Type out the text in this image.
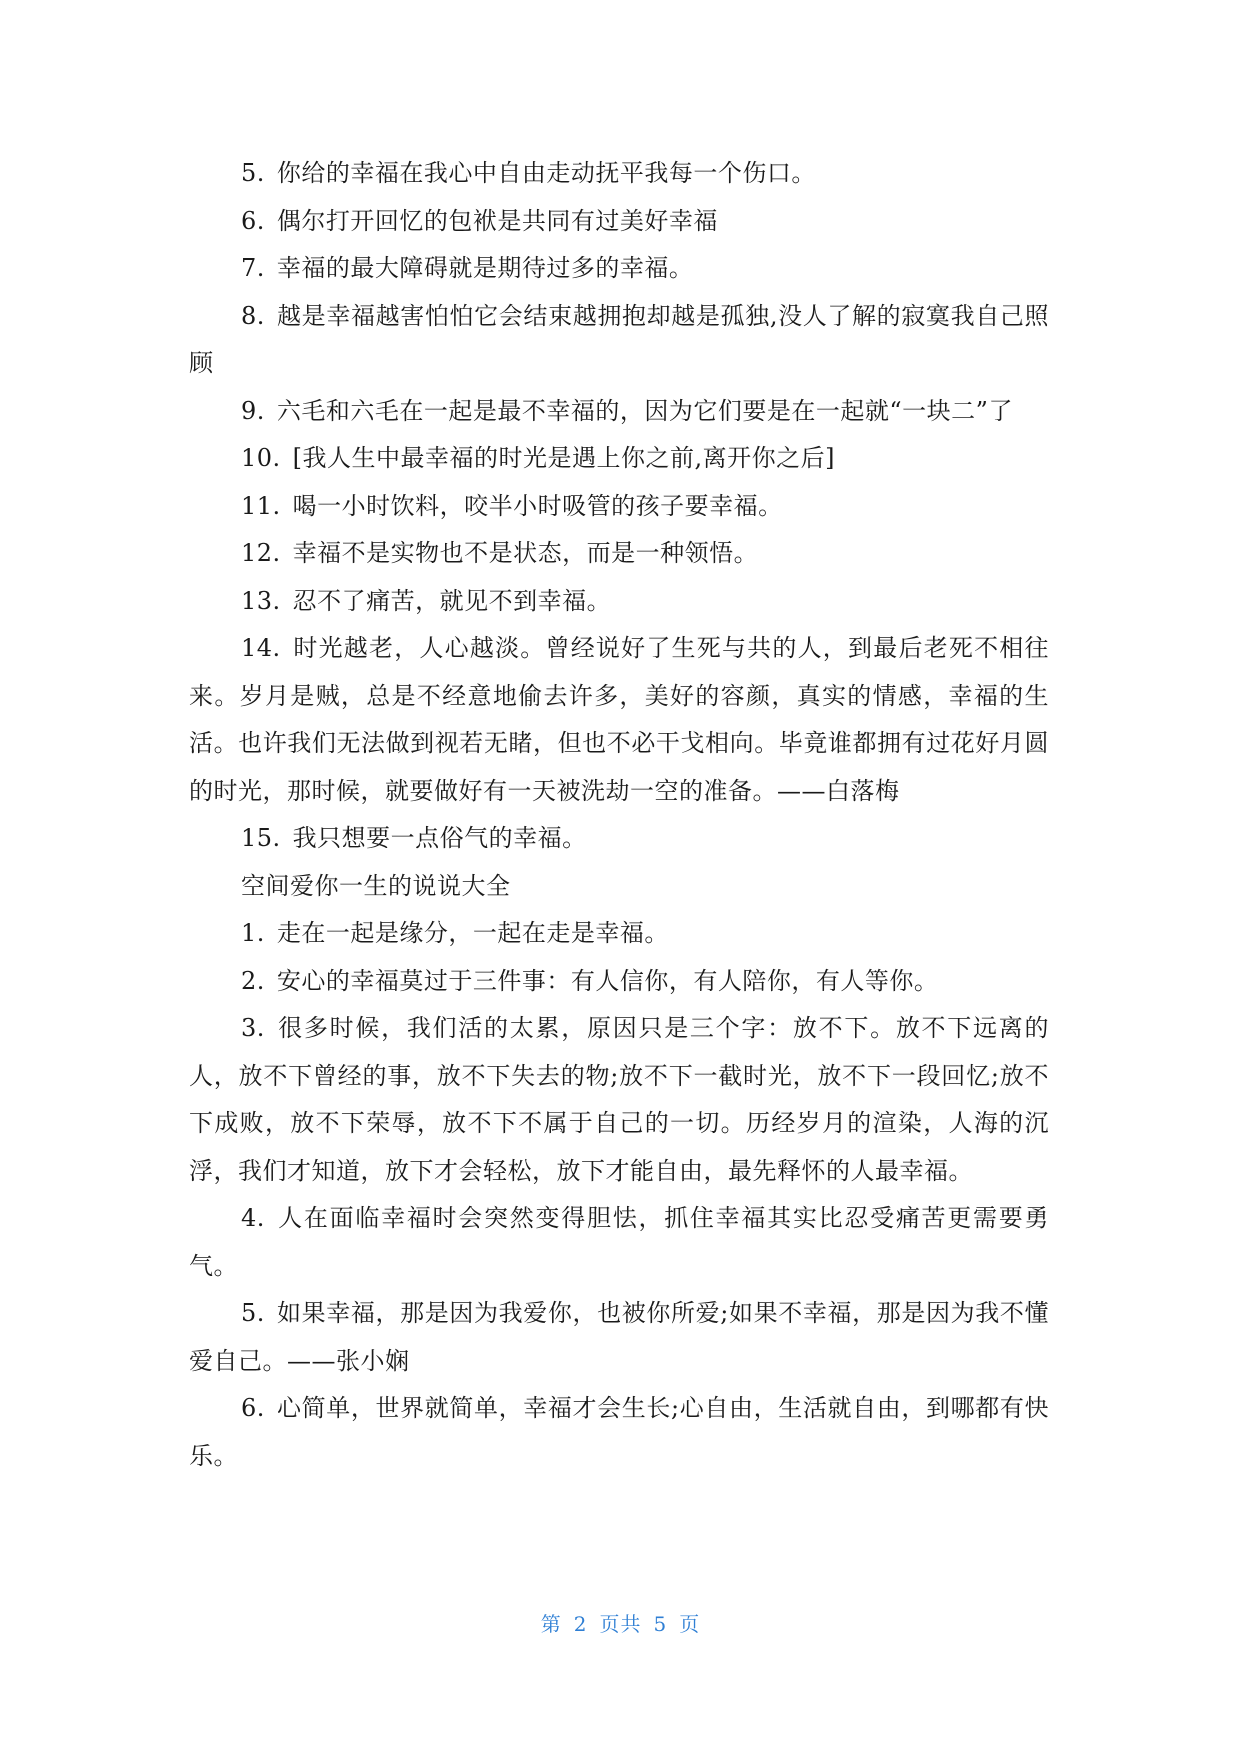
5. 你给的幸福在我心中自由走动抚平我每一个伤口。

6. 偶尔打开回忆的包袱是共同有过美好幸福

7. 幸福的最大障碍就是期待过多的幸福。

8. 越是幸福越害怕怕它会结束越拥抱却越是孤独,没人了解的寂寞我自己照顾

9. 六毛和六毛在一起是最不幸福的，因为它们要是在一起就“一块二”了

10. [我人生中最幸福的时光是遇上你之前,离开你之后]

11. 喝一小时饮料，咬半小时吸管的孩子要幸福。

12. 幸福不是实物也不是状态，而是一种领悟。

13. 忍不了痛苦，就见不到幸福。

14. 时光越老，人心越淡。曾经说好了生死与共的人，到最后老死不相往来。岁月是贼，总是不经意地偷去许多，美好的容颜，真实的情感，幸福的生活。也许我们无法做到视若无睹，但也不必干戈相向。毕竟谁都拥有过花好月圆的时光，那时候，就要做好有一天被洗劫一空的准备。——白落梅

15. 我只想要一点俗气的幸福。

空间爱你一生的说说大全

1. 走在一起是缘分，一起在走是幸福。

2. 安心的幸福莫过于三件事：有人信你，有人陪你，有人等你。

3. 很多时候，我们活的太累，原因只是三个字：放不下。放不下远离的人，放不下曾经的事，放不下失去的物;放不下一截时光，放不下一段回忆;放不下成败，放不下荣辱，放不下不属于自己的一切。历经岁月的渲染，人海的沉浮，我们才知道，放下才会轻松，放下才能自由，最先释怀的人最幸福。

4. 人在面临幸福时会突然变得胆怯，抓住幸福其实比忍受痛苦更需要勇气。

5. 如果幸福，那是因为我爱你，也被你所爱;如果不幸福，那是因为我不懂爱自己。——张小娴

6. 心简单，世界就简单，幸福才会生长;心自由，生活就自由，到哪都有快乐。

第 2 页共 5 页
